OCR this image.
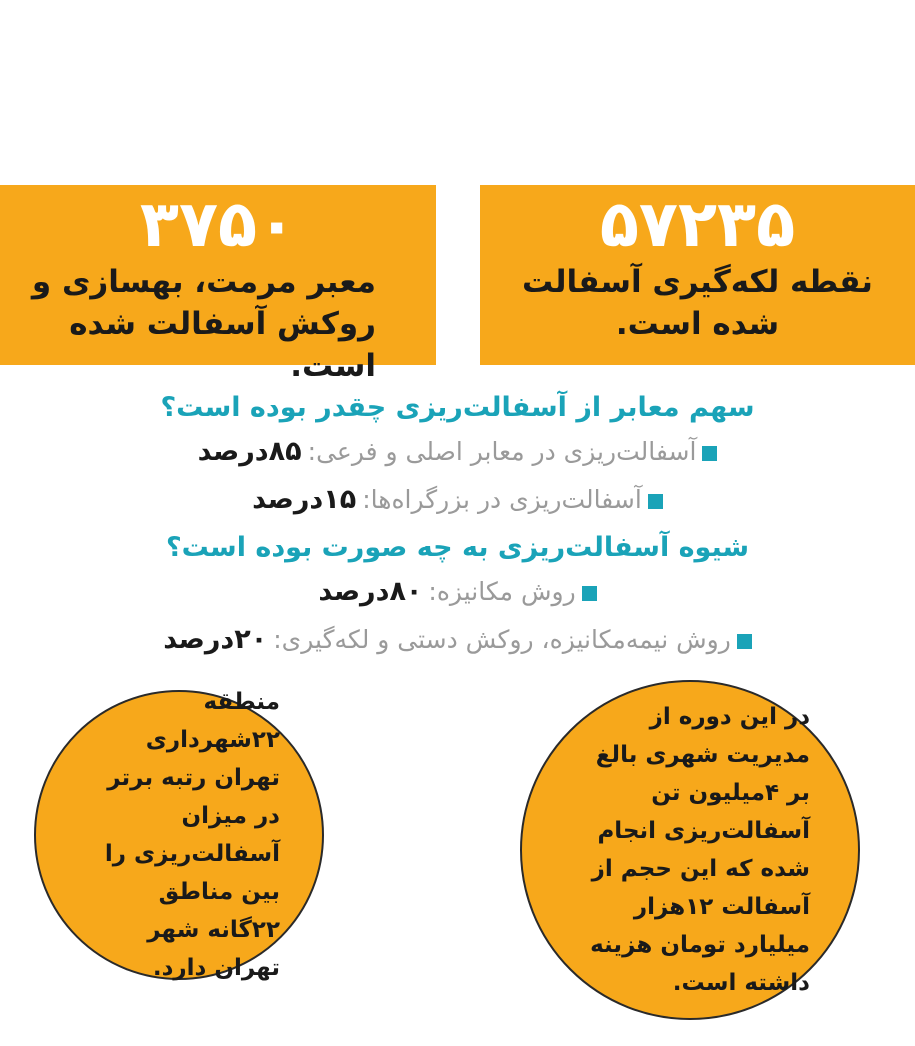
۳۷۵۰
معبر مرمت، بهسازی و روکش آسفالت شده است.
۵۷۲۳۵
نقطه لکه‌گیری آسفالت شده است.
سهم معابر از آسفالت‌ریزی چقدر بوده است؟
آسفالت‌ریزی در معابر اصلی و فرعی:۸۵درصد
آسفالت‌ریزی در بزرگراه‌ها:۱۵درصد
شیوه آسفالت‌ریزی به چه صورت بوده است؟
روش مکانیزه:۸۰درصد
روش نیمه‌مکانیزه، روکش دستی و لکه‌گیری:۲۰درصد
منطقه ۲۲شهرداری تهران رتبه برتر در میزان آسفالت‌ریزی را بین مناطق ۲۲گانه شهر تهران دارد.
در این دوره از مدیریت شهری بالغ بر ۴میلیون تن آسفالت‌ریزی انجام شده که این حجم از آسفالت ۱۲هزار میلیارد تومان هزینه داشته است.
